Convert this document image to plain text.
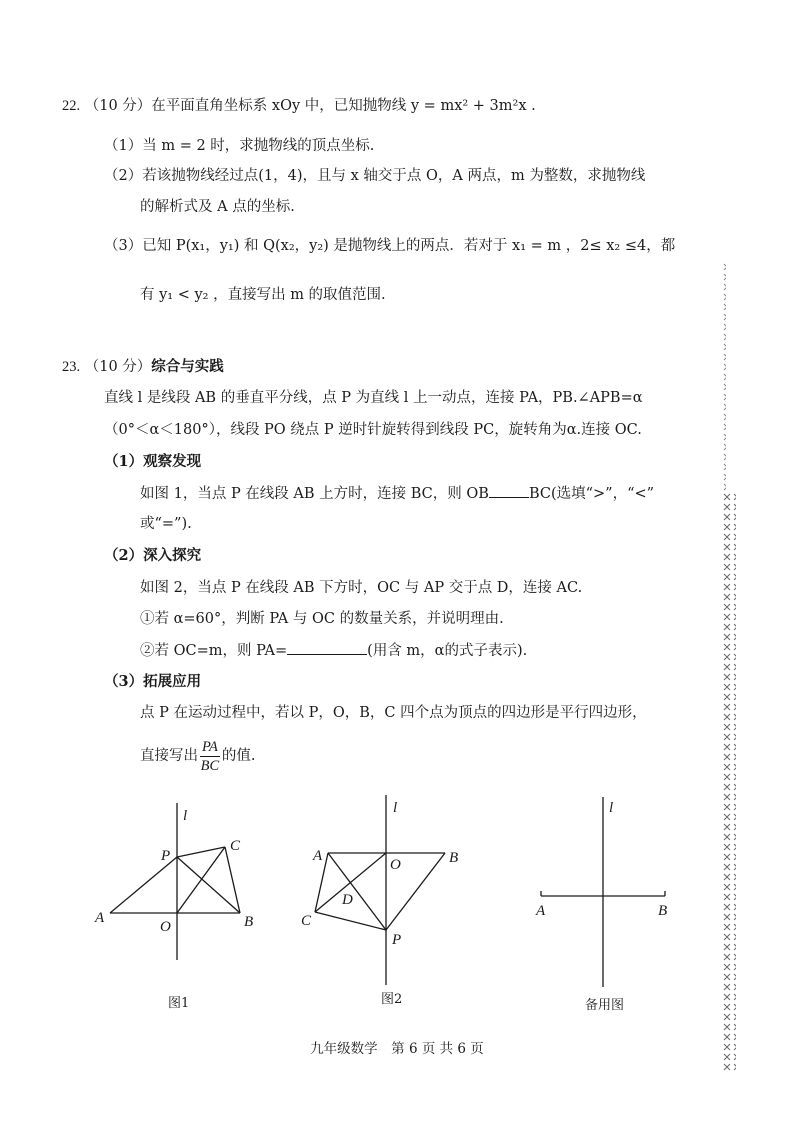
22. （10 分）在平面直角坐标系 xOy 中，已知抛物线 y = mx² + 3m²x .
（1）当 m = 2 时，求抛物线的顶点坐标.
（2）若该抛物线经过点(1，4)，且与 x 轴交于点 O，A 两点，m 为整数，求抛物线
的解析式及 A 点的坐标.
（3）已知 P(x₁，y₁) 和 Q(x₂，y₂) 是抛物线上的两点．若对于 x₁ = m ，2≤ x₂ ≤4，都
有 y₁ < y₂ ，直接写出 m 的取值范围.
23. （10 分）综合与实践
直线 l 是线段 AB 的垂直平分线，点 P 为直线 l 上一动点，连接 PA，PB.∠APB=α
（0°＜α＜180°），线段 PO 绕点 P 逆时针旋转得到线段 PC，旋转角为α.连接 OC.
（1）观察发现
如图 1，当点 P 在线段 AB 上方时，连接 BC，则 OB	BC(选填“>”，“<”
或“=”).
（2）深入探究
如图 2，当点 P 在线段 AB 下方时，OC 与 AP 交于点 D，连接 AC.
①若 α=60°，判断 PA 与 OC 的数量关系，并说明理由.
②若 OC=m，则 PA=	(用含 m，α的式子表示).
（3）拓展应用
点 P 在运动过程中，若以 P，O，B，C 四个点为顶点的四边形是平行四边形，
直接写出 $\frac{PA}{BC}$ 的值.
l
P
C
A
O	B
l
A
O	B
D
C
P
l
A	B
图1	图2	备用图
九年级数学　第 6 页 共 6 页
